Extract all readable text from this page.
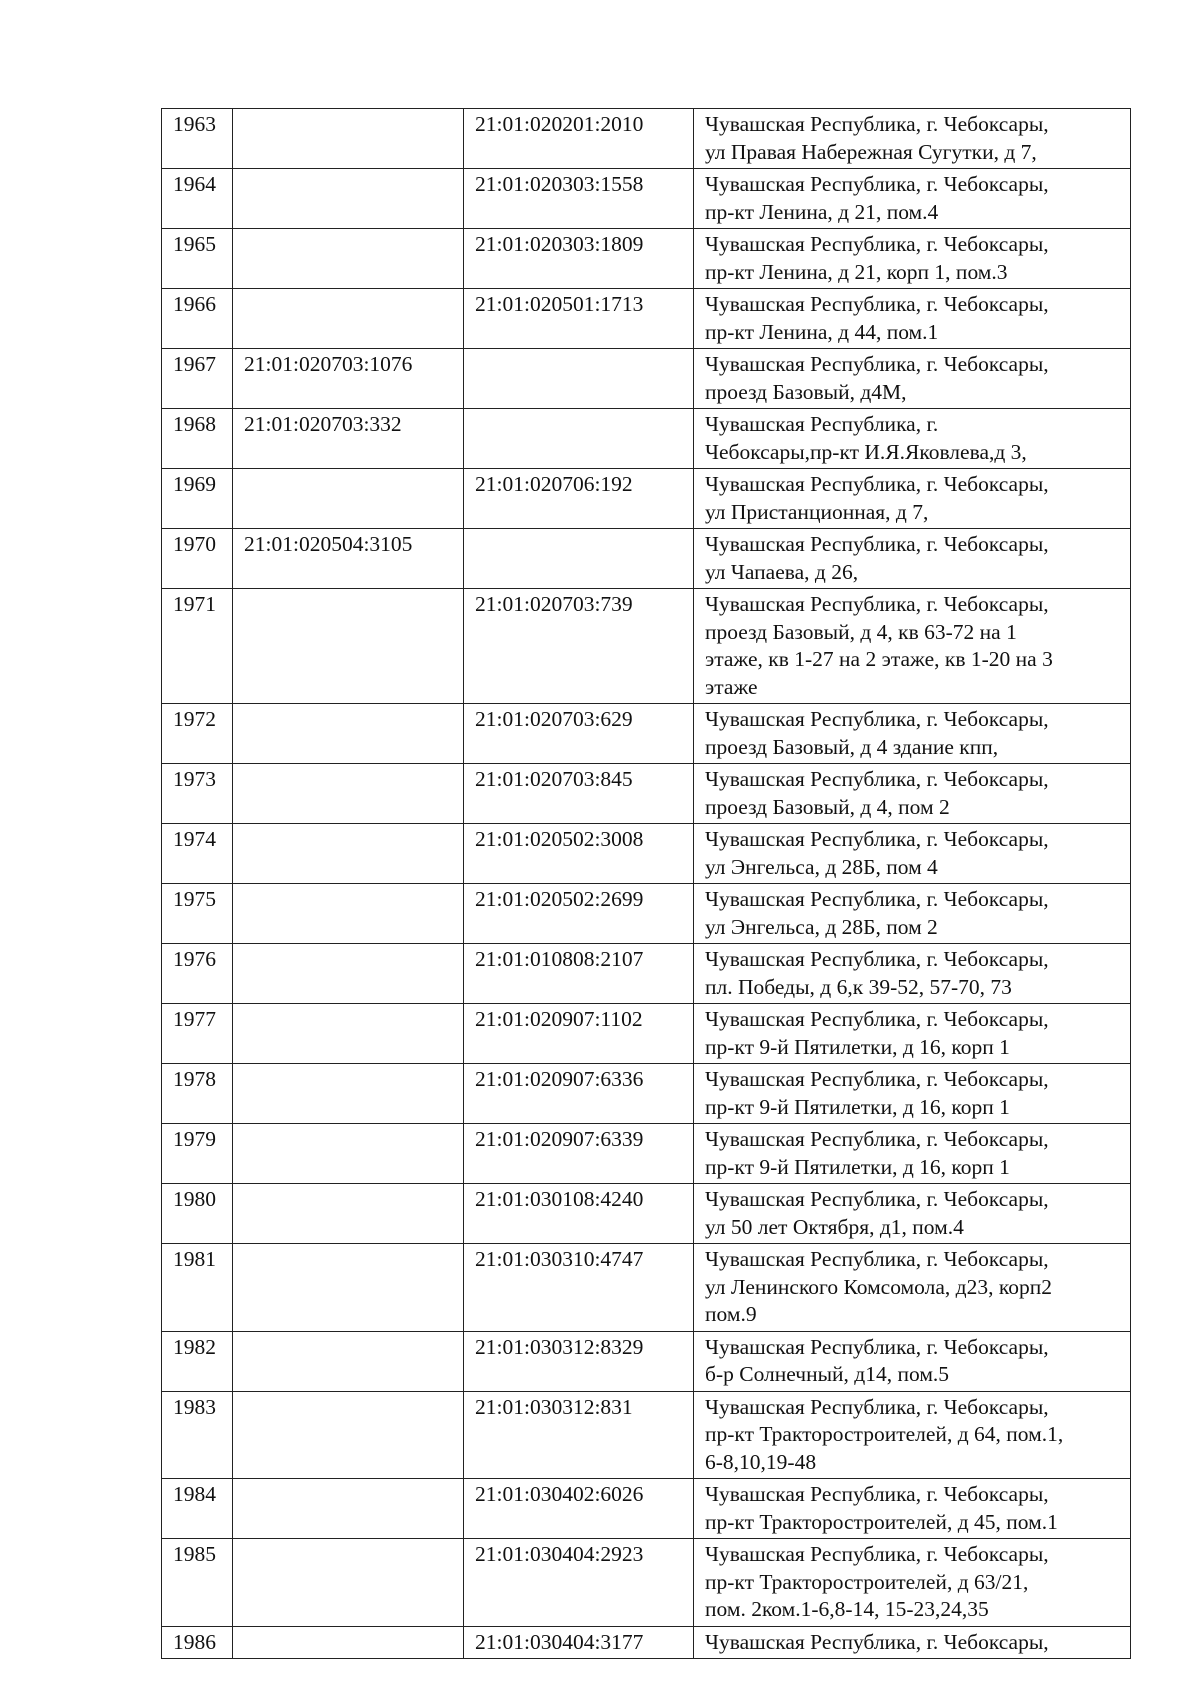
1963		21:01:020201:2010	Чувашская Республика, г. Чебоксары,
ул Правая Набережная Сугутки, д 7,
1964		21:01:020303:1558	Чувашская Республика, г. Чебоксары,
пр-кт Ленина, д 21, пом.4
1965		21:01:020303:1809	Чувашская Республика, г. Чебоксары,
пр-кт Ленина, д 21, корп 1, пом.3
1966		21:01:020501:1713	Чувашская Республика, г. Чебоксары,
пр-кт Ленина, д 44, пом.1
1967	21:01:020703:1076		Чувашская Республика, г. Чебоксары,
проезд Базовый, д4М,
1968	21:01:020703:332		Чувашская Республика, г.
Чебоксары,пр-кт И.Я.Яковлева,д 3,
1969		21:01:020706:192	Чувашская Республика, г. Чебоксары,
ул Пристанционная, д 7,
1970	21:01:020504:3105		Чувашская Республика, г. Чебоксары,
ул Чапаева, д 26,
1971		21:01:020703:739	Чувашская Республика, г. Чебоксары,
проезд Базовый, д 4, кв 63-72 на 1
этаже, кв 1-27 на 2 этаже, кв 1-20 на 3
этаже
1972		21:01:020703:629	Чувашская Республика, г. Чебоксары,
проезд Базовый, д 4 здание кпп,
1973		21:01:020703:845	Чувашская Республика, г. Чебоксары,
проезд Базовый, д 4, пом 2
1974		21:01:020502:3008	Чувашская Республика, г. Чебоксары,
ул Энгельса, д 28Б, пом 4
1975		21:01:020502:2699	Чувашская Республика, г. Чебоксары,
ул Энгельса, д 28Б, пом 2
1976		21:01:010808:2107	Чувашская Республика, г. Чебоксары,
пл. Победы, д 6,к 39-52, 57-70, 73
1977		21:01:020907:1102	Чувашская Республика, г. Чебоксары,
пр-кт 9-й Пятилетки, д 16, корп 1
1978		21:01:020907:6336	Чувашская Республика, г. Чебоксары,
пр-кт 9-й Пятилетки, д 16, корп 1
1979		21:01:020907:6339	Чувашская Республика, г. Чебоксары,
пр-кт 9-й Пятилетки, д 16, корп 1
1980		21:01:030108:4240	Чувашская Республика, г. Чебоксары,
ул 50 лет Октября, д1, пом.4
1981		21:01:030310:4747	Чувашская Республика, г. Чебоксары,
ул Ленинского Комсомола, д23, корп2
пом.9
1982		21:01:030312:8329	Чувашская Республика, г. Чебоксары,
б-р Солнечный, д14, пом.5
1983		21:01:030312:831	Чувашская Республика, г. Чебоксары,
пр-кт Тракторостроителей, д 64, пом.1,
6-8,10,19-48
1984		21:01:030402:6026	Чувашская Республика, г. Чебоксары,
пр-кт Тракторостроителей, д 45, пом.1
1985		21:01:030404:2923	Чувашская Республика, г. Чебоксары,
пр-кт Тракторостроителей, д 63/21,
пом. 2ком.1-6,8-14, 15-23,24,35
1986		21:01:030404:3177	Чувашская Республика, г. Чебоксары,
